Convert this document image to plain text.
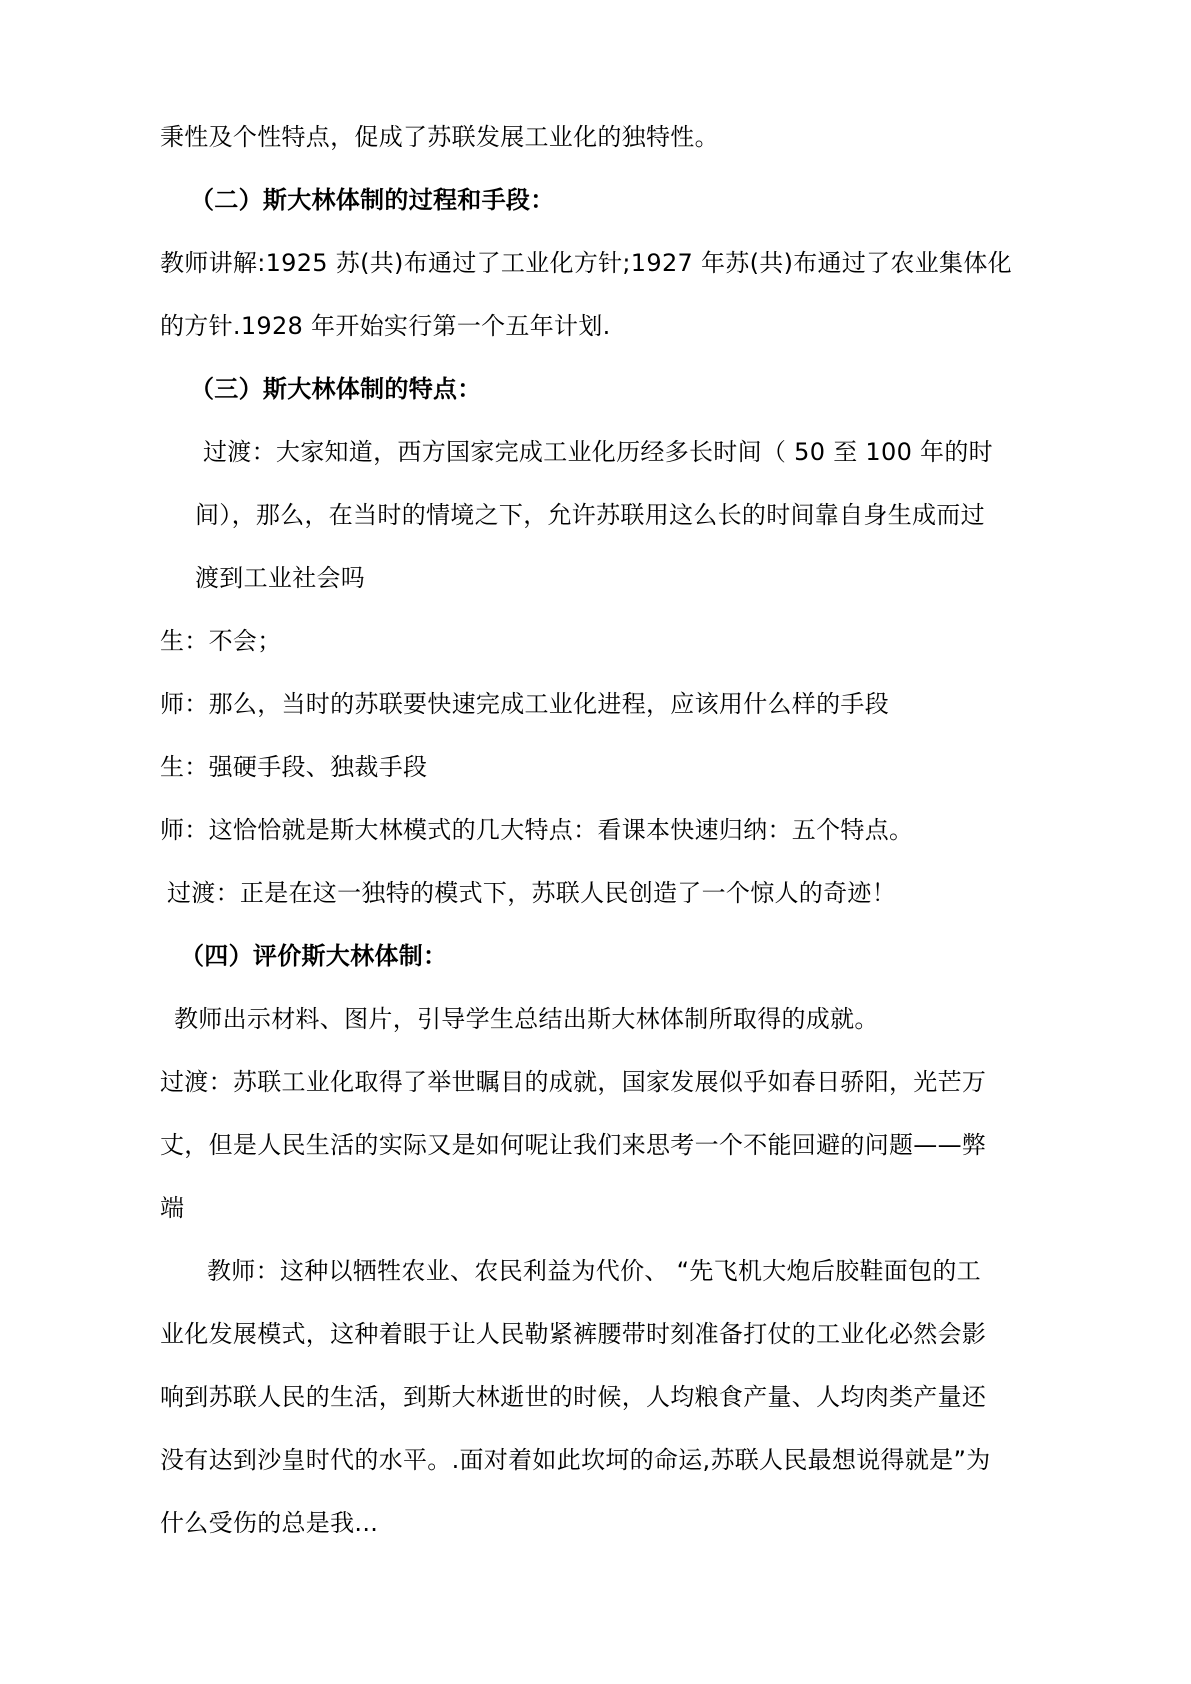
秉性及个性特点，促成了苏联发展工业化的独特性。
（二）斯大林体制的过程和手段：
教师讲解:1925 苏(共)布通过了工业化方针;1927 年苏(共)布通过了农业集体化
的方针.1928 年开始实行第一个五年计划.
（三）斯大林体制的特点：
过渡：大家知道，西方国家完成工业化历经多长时间（ 50 至 100 年的时
间），那么，在当时的情境之下，允许苏联用这么长的时间靠自身生成而过
渡到工业社会吗
生：不会；
师：那么，当时的苏联要快速完成工业化进程，应该用什么样的手段
生：强硬手段、独裁手段
师：这恰恰就是斯大林模式的几大特点：看课本快速归纳：五个特点。
过渡：正是在这一独特的模式下，苏联人民创造了一个惊人的奇迹！
（四）评价斯大林体制：
教师出示材料、图片，引导学生总结出斯大林体制所取得的成就。
过渡：苏联工业化取得了举世瞩目的成就，国家发展似乎如春日骄阳，光芒万
丈，但是人民生活的实际又是如何呢让我们来思考一个不能回避的问题——弊
端
教师：这种以牺牲农业、农民利益为代价、 “先飞机大炮后胶鞋面包的工
业化发展模式，这种着眼于让人民勒紧裤腰带时刻准备打仗的工业化必然会影
响到苏联人民的生活，到斯大林逝世的时候，人均粮食产量、人均肉类产量还
没有达到沙皇时代的水平。.面对着如此坎坷的命运,苏联人民最想说得就是”为
什么受伤的总是我...
